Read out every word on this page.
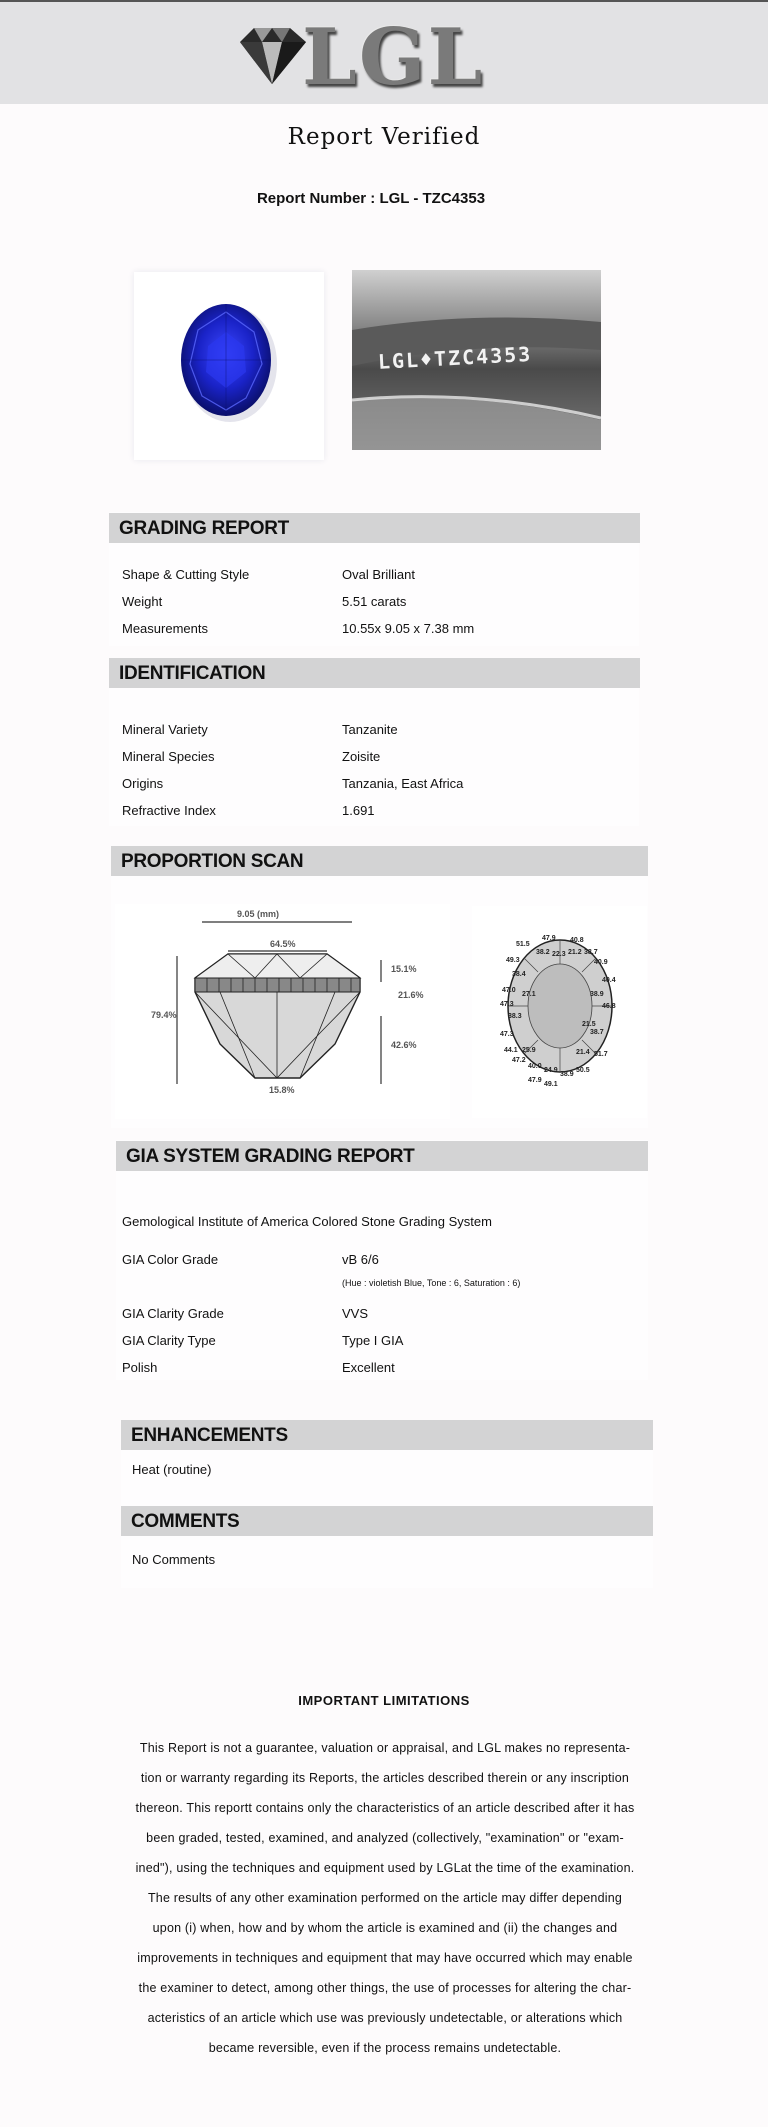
LGL
Report Verified
Report Number : LGL - TZC4353
LGL♦TZC4353
GRADING REPORT
Shape & Cutting Style	Oval Brilliant
Weight	5.51 carats
Measurements	10.55x 9.05 x 7.38 mm
IDENTIFICATION
Mineral Variety	Tanzanite
Mineral Species	Zoisite
Origins	Tanzania, East Africa
Refractive Index	1.691
PROPORTION SCAN
9.05 (mm)
64.5%
15.1%
21.6%
42.6%
79.4%
15.8%
51.5
47.9 40.8
38.2 22.3 21.2 38.7
40.9
49.3
38.4
40.4
47.0
27.1	38.9
47.3	46.8
38.3
21.5
47.3
44.1 25.9
38.7
47.2
21.4 51.7
40.0
24.9
38.9
50.5
47.9
49.1
GIA SYSTEM GRADING REPORT
Gemological Institute of America Colored Stone Grading System
GIA Color Grade	vB 6/6
(Hue : violetish Blue, Tone : 6, Saturation : 6)
GIA Clarity Grade	VVS
GIA Clarity Type	Type I GIA
Polish	Excellent
ENHANCEMENTS
Heat (routine)
COMMENTS
No Comments
IMPORTANT LIMITATIONS
This Report is not a guarantee, valuation or appraisal, and LGL makes no representa-
tion or warranty regarding its Reports, the articles described therein or any inscription
thereon. This reportt contains only the characteristics of an article described after it has
been graded, tested, examined, and analyzed (collectively, "examination" or "exam-
ined"), using the techniques and equipment used by LGLat the time of the examination.
The results of any other examination performed on the article may differ depending
upon (i) when, how and by whom the article is examined and (ii) the changes and
improvements in techniques and equipment that may have occurred which may enable
the examiner to detect, among other things, the use of processes for altering the char-
acteristics of an article which use was previously undetectable, or alterations which
became reversible, even if the process remains undetectable.
